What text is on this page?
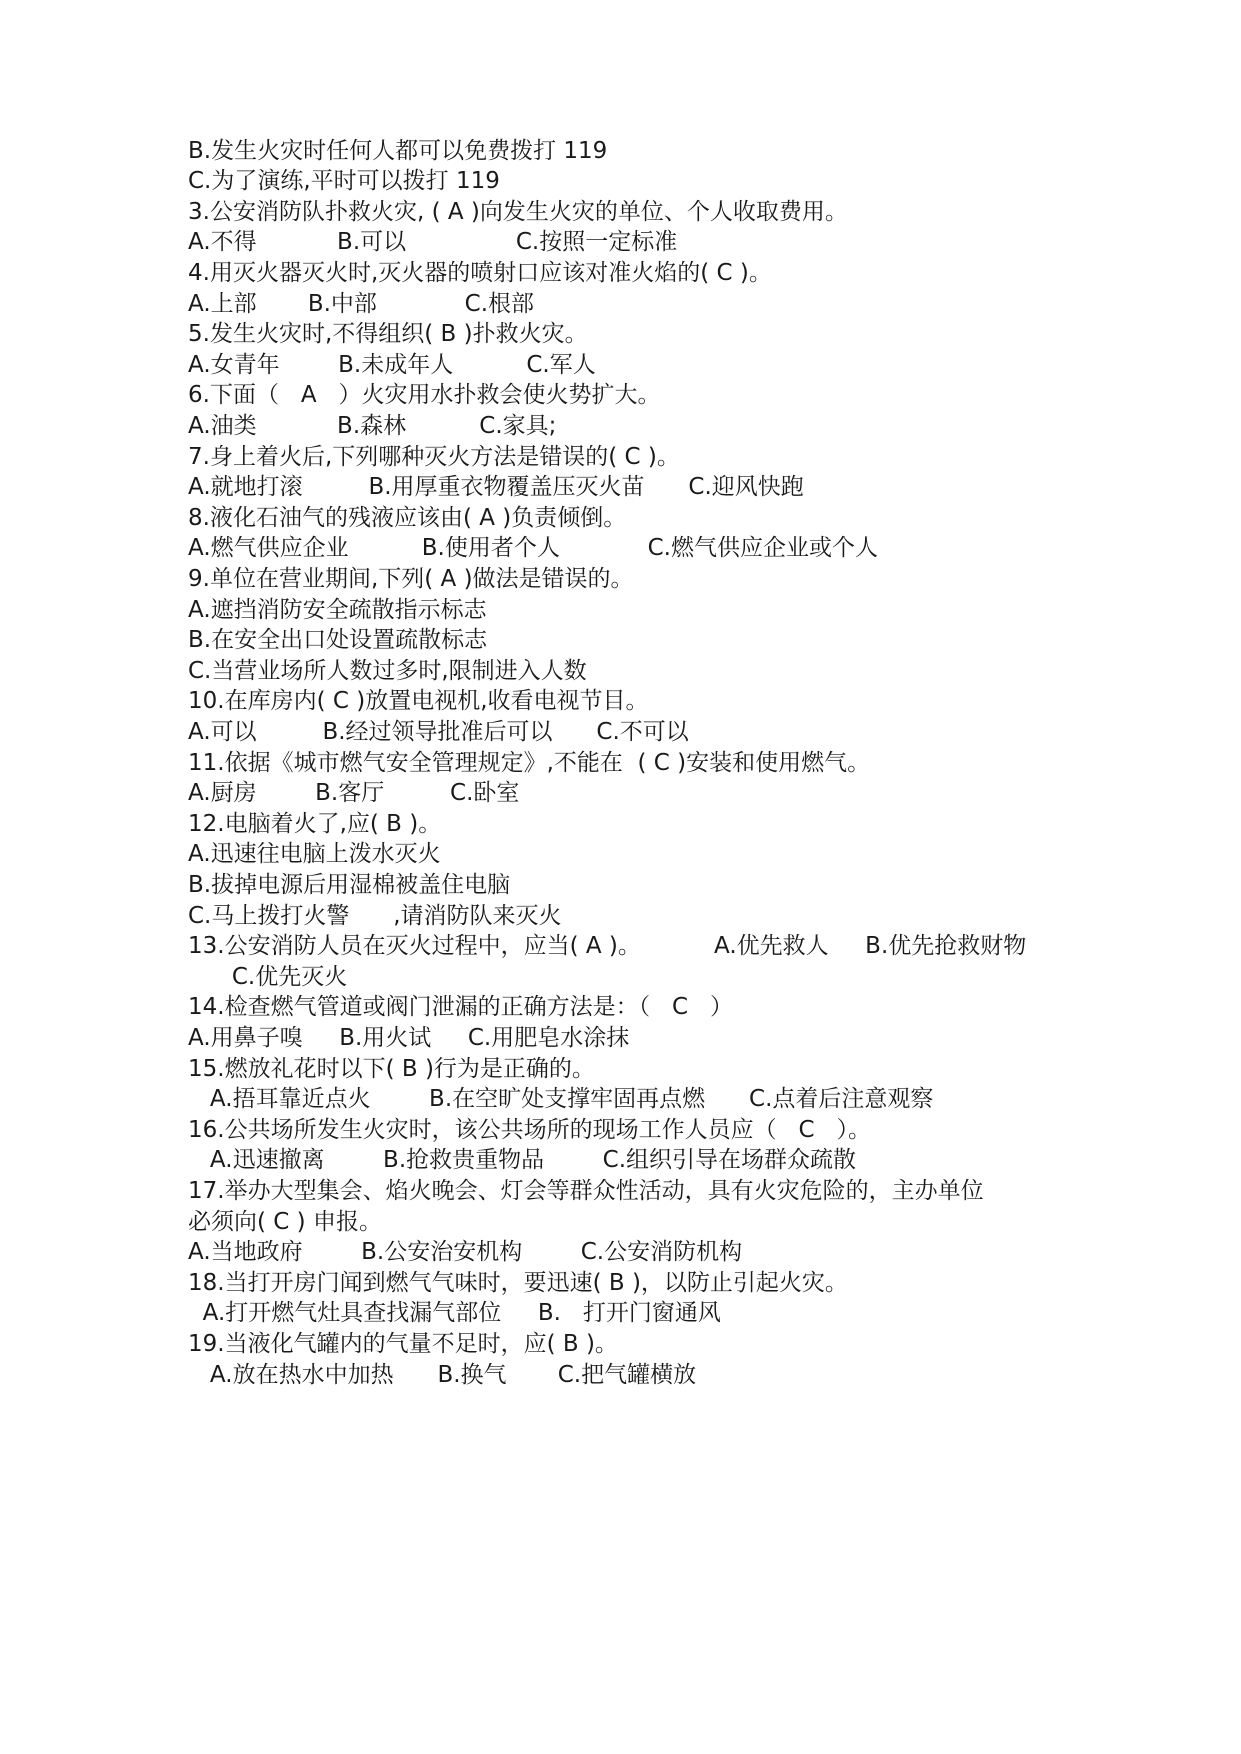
B.发生火灾时任何人都可以免费拨打 119
C.为了演练,平时可以拨打 119
3.公安消防队扑救火灾, ( A )向发生火灾的单位、个人收取费用。
A.不得           B.可以               C.按照一定标准
4.用灭火器灭火时,灭火器的喷射口应该对准火焰的( C )。
A.上部       B.中部            C.根部
5.发生火灾时,不得组织( B )扑救火灾。
A.女青年        B.未成年人          C.军人
6.下面（   A   ）火灾用水扑救会使火势扩大。
A.油类           B.森林          C.家具;
7.身上着火后,下列哪种灭火方法是错误的( C )。
A.就地打滚         B.用厚重衣物覆盖压灭火苗      C.迎风快跑
8.液化石油气的残液应该由( A )负责倾倒。
A.燃气供应企业          B.使用者个人            C.燃气供应企业或个人
9.单位在营业期间,下列( A )做法是错误的。
A.遮挡消防安全疏散指示标志
B.在安全出口处设置疏散标志
C.当营业场所人数过多时,限制进入人数
10.在库房内( C )放置电视机,收看电视节目。
A.可以         B.经过领导批准后可以      C.不可以
11.依据《城市燃气安全管理规定》,不能在  ( C )安装和使用燃气。
A.厨房        B.客厅         C.卧室
12.电脑着火了,应( B )。
A.迅速往电脑上泼水灭火
B.拔掉电源后用湿棉被盖住电脑
C.马上拨打火警      ,请消防队来灭火
13.公安消防人员在灭火过程中，应当( A )。          A.优先救人     B.优先抢救财物
C.优先灭火
14.检查燃气管道或阀门泄漏的正确方法是：（   C   ）
A.用鼻子嗅     B.用火试     C.用肥皂水涂抹
15.燃放礼花时以下( B )行为是正确的。
A.捂耳靠近点火        B.在空旷处支撑牢固再点燃      C.点着后注意观察
16.公共场所发生火灾时，该公共场所的现场工作人员应（   C   ）。
A.迅速撤离        B.抢救贵重物品        C.组织引导在场群众疏散
17.举办大型集会、焰火晚会、灯会等群众性活动，具有火灾危险的，主办单位
必须向( C ) 申报。
A.当地政府        B.公安治安机构        C.公安消防机构
18.当打开房门闻到燃气气味时，要迅速( B )，以防止引起火灾。
A.打开燃气灶具查找漏气部位     B.   打开门窗通风
19.当液化气罐内的气量不足时，应( B )。
A.放在热水中加热      B.换气       C.把气罐横放
